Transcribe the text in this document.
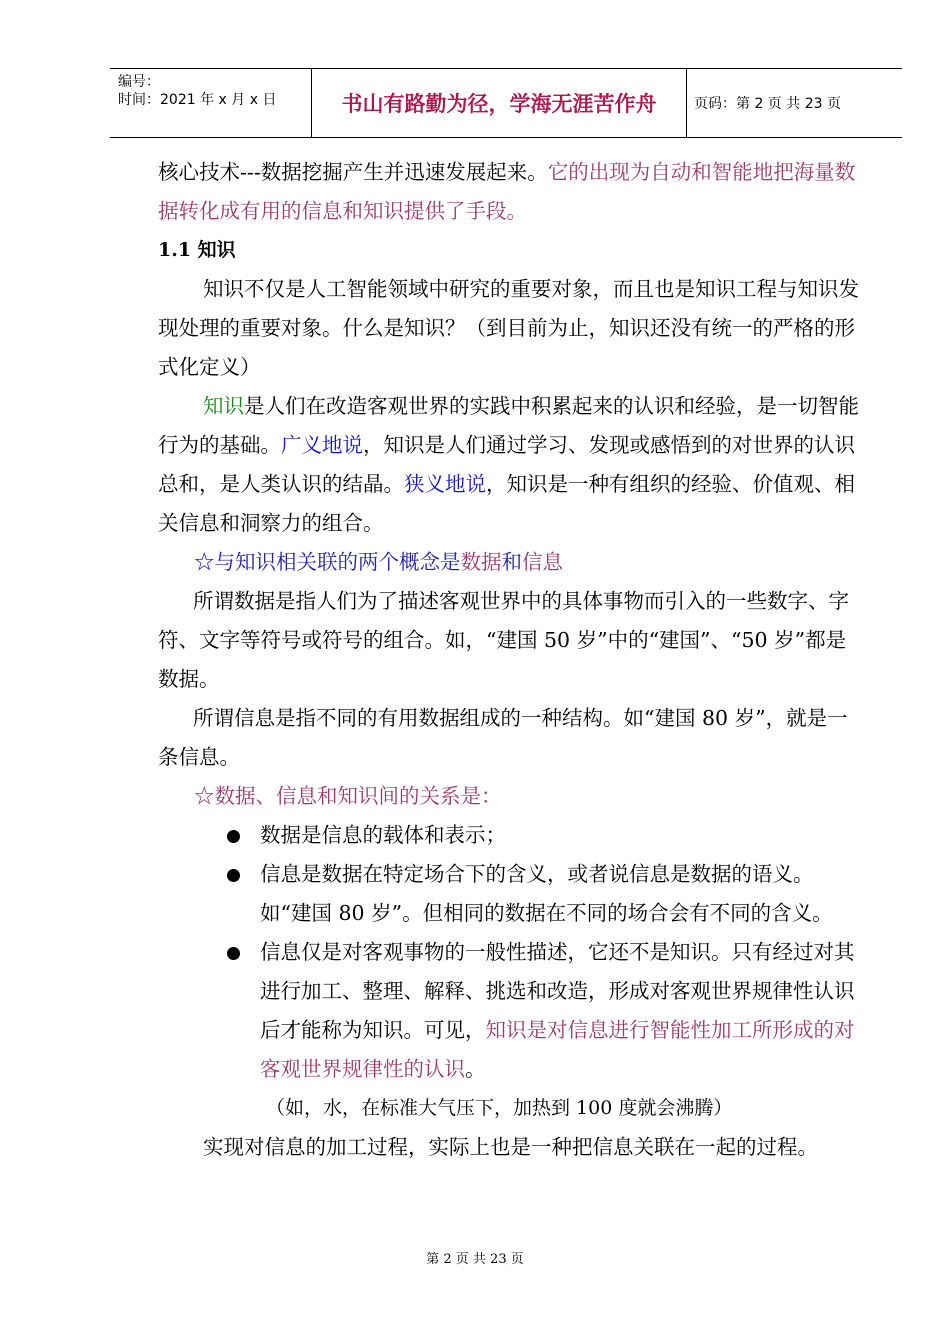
编号：
时间：2021 年 x 月 x 日	书山有路勤为径，学海无涯苦作舟	页码：第 2 页 共 23 页

核心技术---数据挖掘产生并迅速发展起来。它的出现为自动和智能地把海量数据转化成有用的信息和知识提供了手段。

1.1 知识

知识不仅是人工智能领域中研究的重要对象，而且也是知识工程与知识发现处理的重要对象。什么是知识？（到目前为止，知识还没有统一的严格的形式化定义）

知识是人们在改造客观世界的实践中积累起来的认识和经验，是一切智能行为的基础。广义地说，知识是人们通过学习、发现或感悟到的对世界的认识总和，是人类认识的结晶。狭义地说，知识是一种有组织的经验、价值观、相关信息和洞察力的组合。

☆与知识相关联的两个概念是数据和信息

所谓数据是指人们为了描述客观世界中的具体事物而引入的一些数字、字符、文字等符号或符号的组合。如，“建国 50 岁”中的“建国”、“50 岁”都是数据。

所谓信息是指不同的有用数据组成的一种结构。如“建国 80 岁”，就是一条信息。

☆数据、信息和知识间的关系是：

数据是信息的载体和表示；
信息是数据在特定场合下的含义，或者说信息是数据的语义。如“建国 80 岁”。但相同的数据在不同的场合会有不同的含义。
信息仅是对客观事物的一般性描述，它还不是知识。只有经过对其进行加工、整理、解释、挑选和改造，形成对客观世界规律性认识后才能称为知识。可见，知识是对信息进行智能性加工所形成的对客观世界规律性的认识。

（如，水，在标准大气压下，加热到 100 度就会沸腾）

实现对信息的加工过程，实际上也是一种把信息关联在一起的过程。

第 2 页 共 23 页
